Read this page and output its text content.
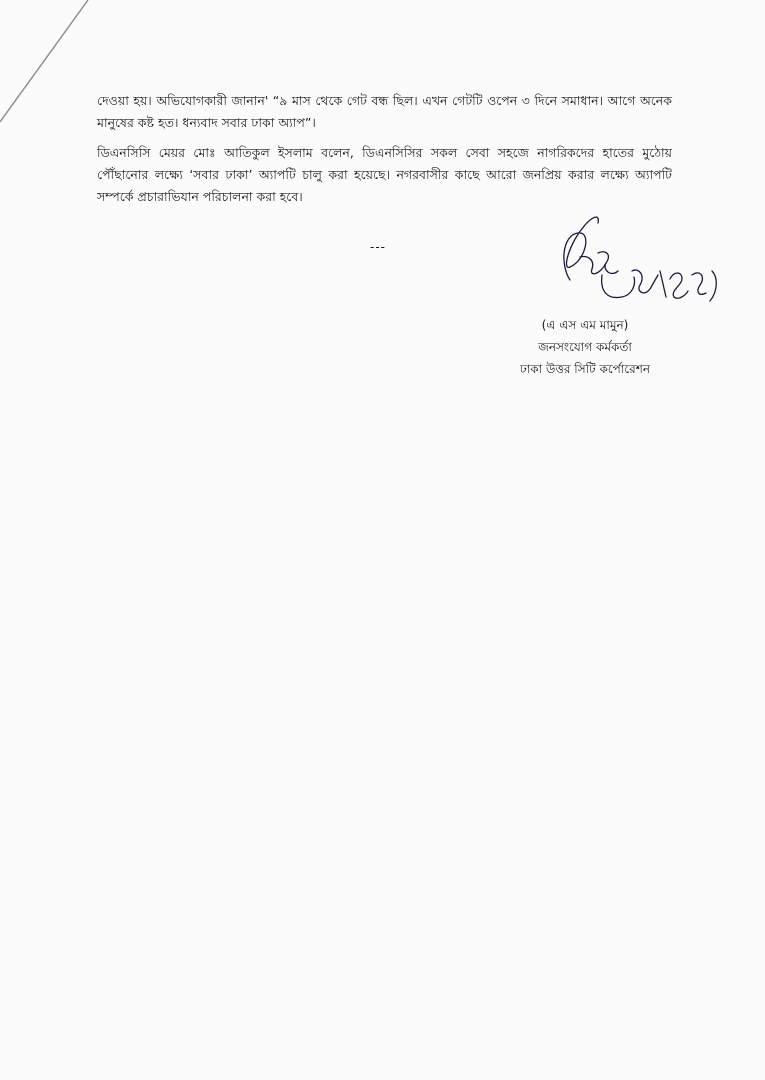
দেওয়া হয়। অভিযোগকারী জানান' “৯ মাস থেকে গেট বন্ধ ছিল। এখন গেটটি ওপেন ৩ দিনে সমাধান। আগে অনেক মানুষের কষ্ট হত। ধন্যবাদ সবার ঢাকা অ্যাপ”।

ডিএনসিসি মেয়র মোঃ আতিকুল ইসলাম বলেন, ডিএনসিসির সকল সেবা সহজে নাগরিকদের হাতের মুঠোয় পৌঁছানোর লক্ষ্যে ‘সবার ঢাকা’ অ্যাপটি চালু করা হয়েছে। নগরবাসীর কাছে আরো জনপ্রিয় করার লক্ষ্যে অ্যাপটি সম্পর্কে প্রচারাভিযান পরিচালনা করা হবে।

---
(এ এস এম মামুন)
জনসংযোগ কর্মকর্তা
ঢাকা উত্তর সিটি কর্পোরেশন
